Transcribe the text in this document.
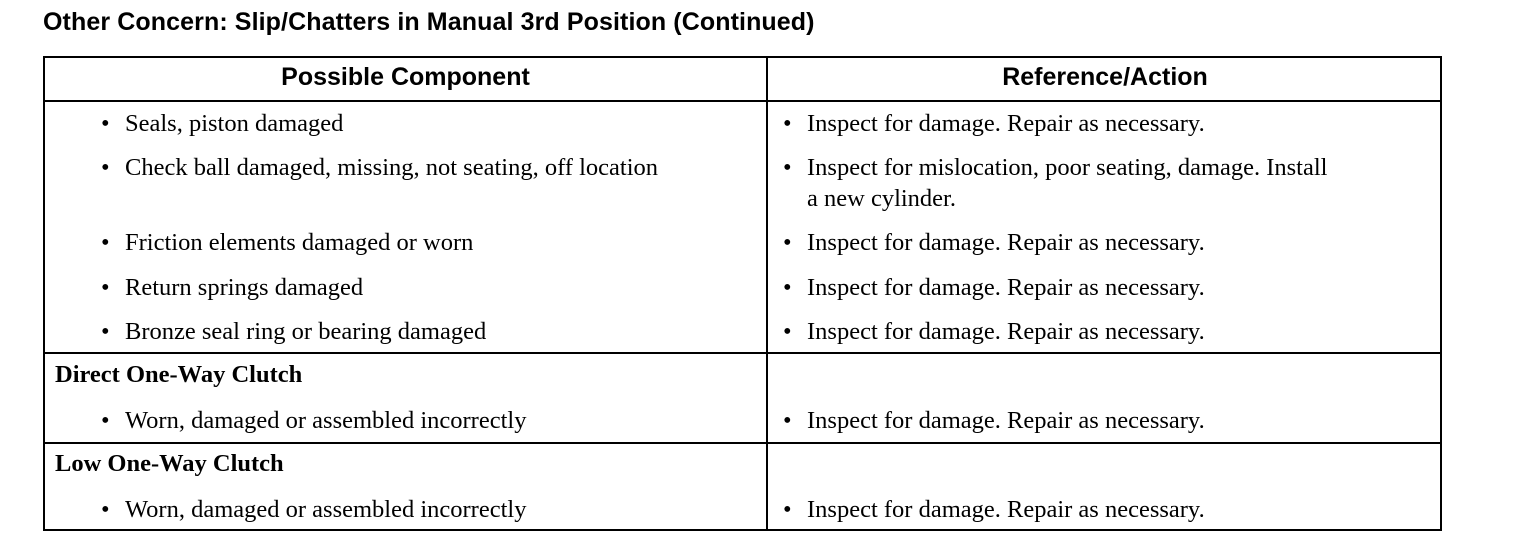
Other Concern: Slip/Chatters in Manual 3rd Position (Continued)
Possible Component	Reference/Action
• Seals, piston damaged	• Inspect for damage. Repair as necessary.
• Check ball damaged, missing, not seating, off location	• Inspect for mislocation, poor seating, damage. Install
a new cylinder.
• Friction elements damaged or worn	• Inspect for damage. Repair as necessary.
• Return springs damaged	• Inspect for damage. Repair as necessary.
• Bronze seal ring or bearing damaged	• Inspect for damage. Repair as necessary.
Direct One-Way Clutch
• Worn, damaged or assembled incorrectly	• Inspect for damage. Repair as necessary.
Low One-Way Clutch
• Worn, damaged or assembled incorrectly	• Inspect for damage. Repair as necessary.
